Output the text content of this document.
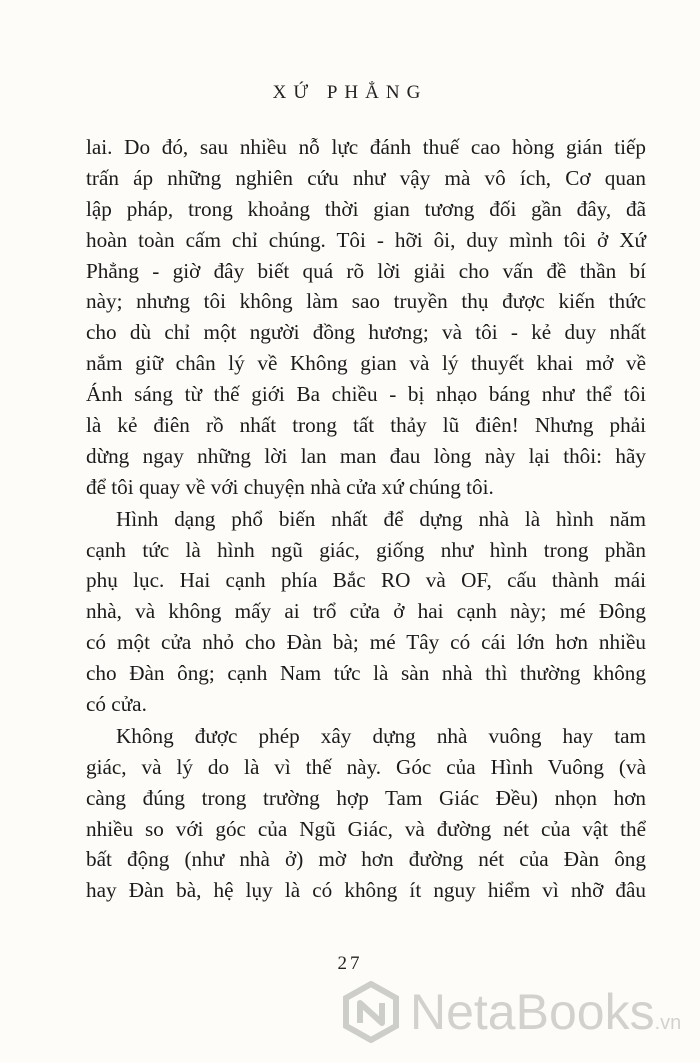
XỨ PHẲNG
lai. Do đó, sau nhiều nỗ lực đánh thuế cao hòng gián tiếp
trấn áp những nghiên cứu như vậy mà vô ích, Cơ quan
lập pháp, trong khoảng thời gian tương đối gần đây, đã
hoàn toàn cấm chỉ chúng. Tôi - hỡi ôi, duy mình tôi ở Xứ
Phẳng - giờ đây biết quá rõ lời giải cho vấn đề thần bí
này; nhưng tôi không làm sao truyền thụ được kiến thức
cho dù chỉ một người đồng hương; và tôi - kẻ duy nhất
nắm giữ chân lý về Không gian và lý thuyết khai mở về
Ánh sáng từ thế giới Ba chiều - bị nhạo báng như thể tôi
là kẻ điên rồ nhất trong tất thảy lũ điên! Nhưng phải
dừng ngay những lời lan man đau lòng này lại thôi: hãy
để tôi quay về với chuyện nhà cửa xứ chúng tôi.
Hình dạng phổ biến nhất để dựng nhà là hình năm
cạnh tức là hình ngũ giác, giống như hình trong phần
phụ lục. Hai cạnh phía Bắc RO và OF, cấu thành mái
nhà, và không mấy ai trổ cửa ở hai cạnh này; mé Đông
có một cửa nhỏ cho Đàn bà; mé Tây có cái lớn hơn nhiều
cho Đàn ông; cạnh Nam tức là sàn nhà thì thường không
có cửa.
Không được phép xây dựng nhà vuông hay tam
giác, và lý do là vì thế này. Góc của Hình Vuông (và
càng đúng trong trường hợp Tam Giác Đều) nhọn hơn
nhiều so với góc của Ngũ Giác, và đường nét của vật thể
bất động (như nhà ở) mờ hơn đường nét của Đàn ông
hay Đàn bà, hệ lụy là có không ít nguy hiểm vì nhỡ đâu
27
NetaBooks.vn
